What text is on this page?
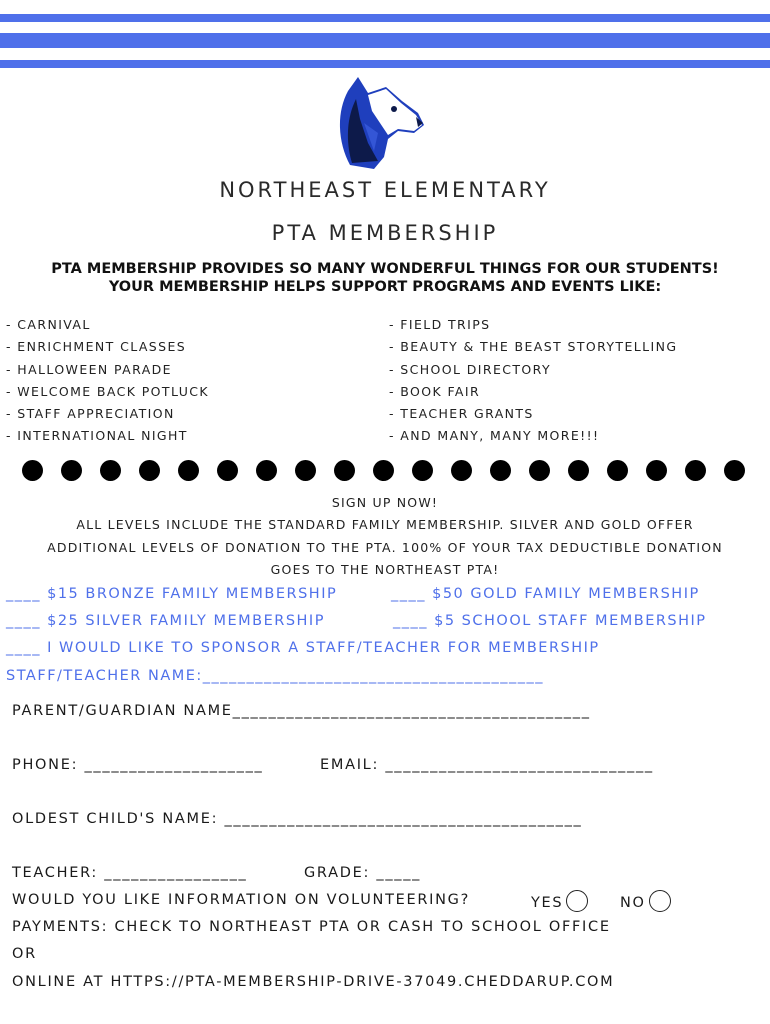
NORTHEAST ELEMENTARY
PTA MEMBERSHIP
PTA MEMBERSHIP PROVIDES SO MANY WONDERFUL THINGS FOR OUR STUDENTS!
YOUR MEMBERSHIP HELPS SUPPORT PROGRAMS AND EVENTS LIKE:
- CARNIVAL
- ENRICHMENT CLASSES
- HALLOWEEN PARADE
- WELCOME BACK POTLUCK
- STAFF APPRECIATION
- INTERNATIONAL NIGHT
- FIELD TRIPS
- BEAUTY & THE BEAST STORYTELLING
- SCHOOL DIRECTORY
- BOOK FAIR
- TEACHER GRANTS
- AND MANY, MANY MORE!!!
SIGN UP NOW!
ALL LEVELS INCLUDE THE STANDARD FAMILY MEMBERSHIP. SILVER AND GOLD OFFER
ADDITIONAL LEVELS OF DONATION TO THE PTA. 100% OF YOUR TAX DEDUCTIBLE DONATION
GOES TO THE NORTHEAST PTA!
____ $15 BRONZE FAMILY MEMBERSHIP	____ $50 GOLD FAMILY MEMBERSHIP
____ $25 SILVER FAMILY MEMBERSHIP	____ $5 SCHOOL STAFF MEMBERSHIP
____ I WOULD LIKE TO SPONSOR A STAFF/TEACHER FOR MEMBERSHIP
STAFF/TEACHER NAME:_______________________________________
PARENT/GUARDIAN NAME________________________________________
PHONE: ____________________	EMAIL: ______________________________
OLDEST CHILD'S NAME: ________________________________________
TEACHER: ________________	GRADE: _____
WOULD YOU LIKE INFORMATION ON VOLUNTEERING?	YES	NO
PAYMENTS: CHECK TO NORTHEAST PTA OR CASH TO SCHOOL OFFICE
OR
ONLINE AT HTTPS://PTA-MEMBERSHIP-DRIVE-37049.CHEDDARUP.COM
